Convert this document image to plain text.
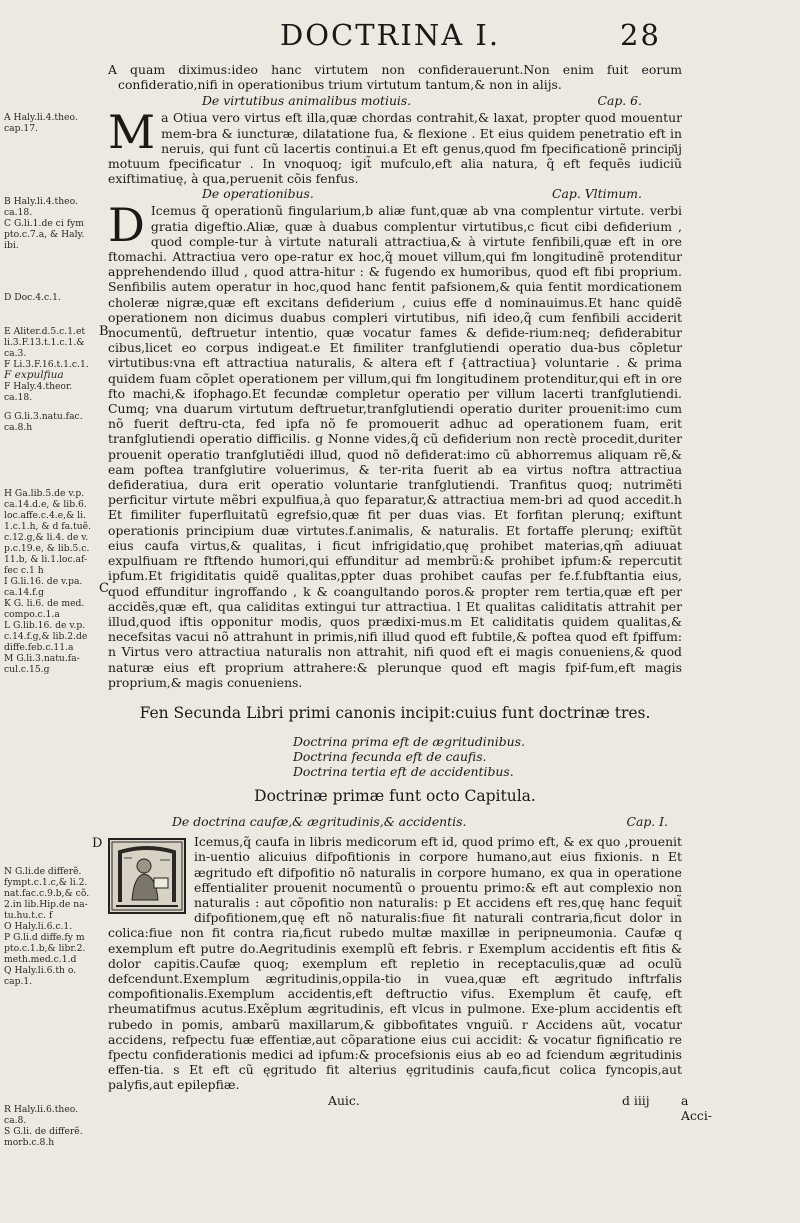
DOCTRINA I.	28
A Haly.li.4.theo.
cap.17.
B Haly.li.4.theo.
ca.18.
C G.li.1.de ci fym
pto.c.7.a, & Haly.
ibi.
D Doc.4.c.1.
E Aliter.d.5.c.1.et
li.3.F.13.t.1.c.1.&
ca.3.
F Li.3.F.16.t.1.c.1.
F expulfiua
F Haly.4.theor.
ca.18.
G G.li.3.natu.fac.
ca.8.h
H Ga.lib.5.de v.p.
ca.14.d.e, & lib.6.
loc.affe.c.4.e,& li.
1.c.1.h, & d fa.tuẽ.
c.12.g,& li.4. de v.
p.c.19.e, & lib.5.c.
11.b, & li.1.loc.af-
fec c.1 h
I G.li.16. de v.pa.
ca.14.f.g
K G. li.6. de med.
compo.c.1.a
L G.lib.16. de v.p.
c.14.f.g,& lib.2.de
diffe.feb.c.11.a
M G.li.3.natu.fa-
cul.c.15.g
N G.li.de differẽ.
fympt.c.1.c,& li.2.
nat.fac.c.9.b,& cõ.
2.in lib.Hip.de na-
tu.hu.t.c. f
O Haly.li.6.c.1.
P G.li.d diffe.fy m
pto.c.1.b,& libr.2.
meth.med.c.1.d
Q Haly.li.6.th o.
cap.1.
R Haly.li.6.theo.
ca.8.
S G.li. de differẽ.
morb.c.8.h
B
C

A quam diximus:ideo hanc virtutem non confiderauerunt.Non enim fuit eorum confideratio,nifi in operationibus trium virtutum tantum,& non in alijs.

De virtutibus animalibus motiuis.	Cap. 6.

M a Otiua vero virtus eft illa,quæ chordas contrahit,& laxat, propter quod mouentur mem-bra & iuncturæ, dilatatione fua, & flexione . Et eius quidem penetratio eft in neruis, qui funt cũ lacertis continui.a Et eft genus,quod fm fpecificationẽ princip͂ij motuum fpecificatur . In vnoquoq; igit̃ mufculo,eft alia natura, q̃ eft fequẽs iudiciũ exiftimatiuę, à qua,peruenit cõis fenfus.

De operationibus.	Cap. Vltimum.

D Icemus q̃ operationũ fingularium,b aliæ funt,quæ ab vna complentur virtute. verbi gratia digeftio.Aliæ, quæ à duabus complentur virtutibus,c ficut cibi defiderium , quod comple-tur à virtute naturali attractiua,& à virtute fenfibili,quæ eft in ore ftomachi. Attractiua vero ope-ratur ex hoc,q̃ mouet villum,qui fm longitudinẽ protenditur apprehendendo illud , quod attra-hitur : & fugendo ex humoribus, quod eft fibi proprium. Senfibilis autem operatur in hoc,quod hanc fentit pafsionem,& quia fentit mordicationem choleræ nigræ,quæ eft excitans defiderium , cuius effe d nominauimus.Et hanc quidẽ operationem non dicimus duabus compleri virtutibus, nifi ideo,q̃ cum fenfibili acciderit nocumentũ, deftruetur intentio, quæ vocatur fames & defide-rium:neq; defiderabitur cibus,licet eo corpus indigeat.e Et fimiliter tranfglutiendi operatio dua-bus cõpletur virtutibus:vna eft attractiua naturalis, & altera eft f {attractiua} voluntarie . & prima quidem fuam cõplet operationem per villum,qui fm longitudinem protenditur,qui eft in ore fto machi,& ifophago.Et fecundæ completur operatio per villum lacerti tranfglutiendi. Cumq; vna duarum virtutum deftruetur,tranfglutiendi operatio duriter prouenit:imo cum nõ fuerit deftru-cta, fed ipfa nõ fe promouerit adhuc ad operationem fuam, erit tranfglutiendi operatio difficilis. g Nonne vides,q̃ cũ defiderium non rectè procedit,duriter prouenit operatio tranfglutiẽdi illud, quod nõ defiderat:imo cũ abhorremus aliquam rẽ,& eam poftea tranfglutire voluerimus, & ter-rita fuerit ab ea virtus noftra attractiua defideratiua, dura erit operatio voluntarie tranfglutiendi. Tranfitus quoq; nutrimẽti perficitur virtute mẽbri expulfiua,à quo feparatur,& attractiua mem-bri ad quod accedit.h Et fimiliter fuperfluitatũ egrefsio,quæ fit per duas vias. Et forfitan plerunq; exiftunt operationis principium duæ virtutes.f.animalis, & naturalis. Et fortaffe plerunq; exiftũt eius caufa virtus,& qualitas, i ficut infrigidatio,quę prohibet materias,qm̃ adiuuat expulfiuam re ftftendo humori,qui effunditur ad membrũ:& prohibet ipfum:& repercutit ipfum.Et frigiditatis quidẽ qualitas,ppter duas prohibet caufas per fe.f.fubftantia eius, quod effunditur ingroffando , k & coangultando poros.& propter rem tertia,quæ eft per accidẽs,quæ eft, qua caliditas extingui tur attractiua. l Et qualitas caliditatis attrahit per illud,quod iftis opponitur modis, quos prædixi-mus.m Et caliditatis quidem qualitas,& necefsitas vacui nõ attrahunt in primis,nifi illud quod eft fubtile,& poftea quod eft fpiffum: n Virtus vero attractiua naturalis non attrahit, nifi quod eft ei magis conueniens,& quod naturæ eius eft proprium attrahere:& plerunque quod eft magis fpif-fum,eft magis proprium,& magis conueniens.

Fen Secunda Libri primi canonis incipit:cuius funt doctrinæ tres.
Doctrina prima eft de ægritudinibus.
Doctrina fecunda eft de caufis.
Doctrina tertia eft de accidentibus.
Doctrinæ primæ funt octo Capitula.
De doctrina caufæ,& ægritudinis,& accidentis.	Cap. I.

Icemus,q̃ caufa in libris medicorum eft id, quod primo eft, & ex quo ,prouenit in-uentio alicuius difpofitionis in corpore humano,aut eius fixionis. n Et ægritudo eft difpofitio nõ naturalis in corpore humano, ex qua in operatione effentialiter prouenit nocumentũ o prouentu primo:& eft aut complexio non naturalis : aut cõpofitio non naturalis: p Et accidens eft res,quę hanc fequit̃ difpofitionem,quę eft nõ naturalis:fiue fit naturali contraria,ficut dolor in colica:fiue non fit contra ria,ficut rubedo multæ maxillæ in peripneumonia. Caufæ q exemplum eft putre do.Aegritudinis exemplũ eft febris. r Exemplum accidentis eft fitis & dolor capitis.Caufæ quoq; exemplum eft repletio in receptaculis,quæ ad oculũ defcendunt.Exemplum ægritudinis,oppila-tio in vuea,quæ eft ægritudo inftrfalis compofitionalis.Exemplum accidentis,eft deftructio vifus. Exemplum ẽt caufę, eft rheumatifmus acutus.Exẽplum ægritudinis, eft vlcus in pulmone. Exe-plum accidentis eft rubedo in pomis, ambarũ maxillarum,& gibbofitates vnguiũ. r Accidens aũt, vocatur accidens, refpectu fuæ effentiæ,aut cõparatione eius cui accidit: & vocatur fignificatio re fpectu confiderationis medici ad ipfum:& procefsionis eius ab eo ad fciendum ægritudinis effen-tia. s Et eft cũ ęgritudo fit alterius ęgritudinis caufa,ficut colica fyncopis,aut palyfis,aut epilepfiæ.

Auic.	d iiij	a Acci-
D
